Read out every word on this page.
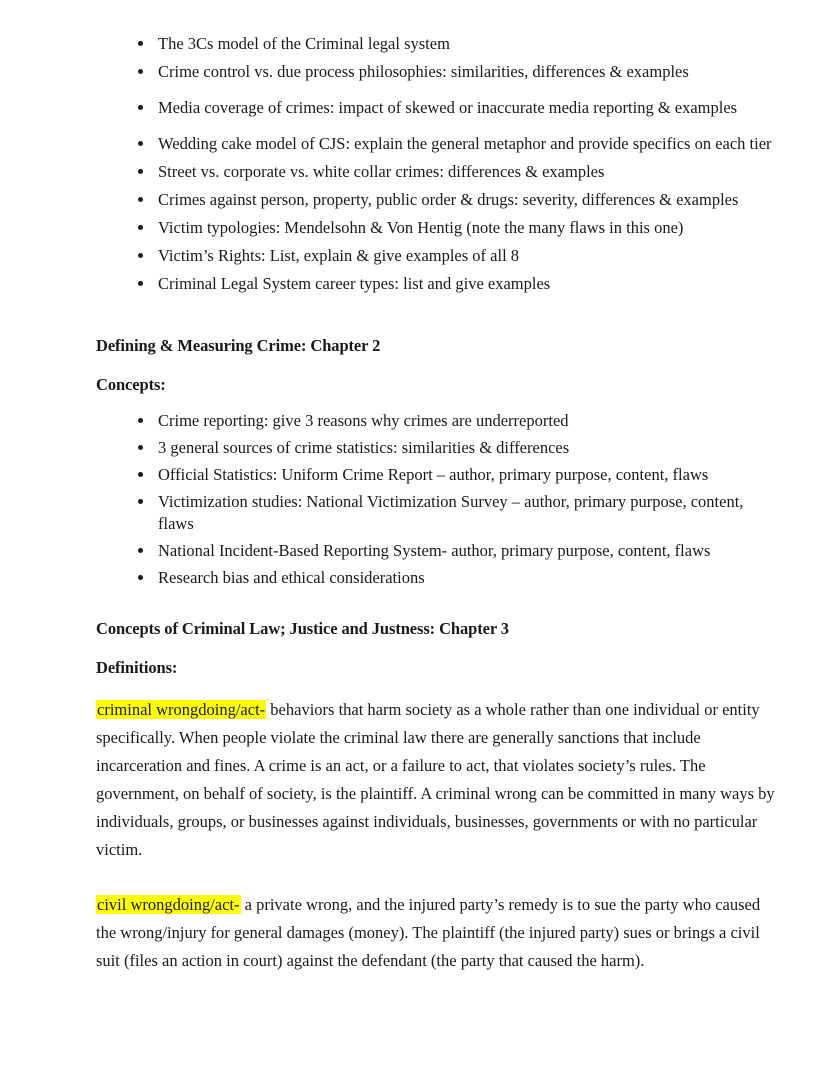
The 3Cs model of the Criminal legal system
Crime control vs. due process philosophies: similarities, differences & examples
Media coverage of crimes: impact of skewed or inaccurate media reporting & examples
Wedding cake model of CJS: explain the general metaphor and provide specifics on each tier
Street vs. corporate vs. white collar crimes: differences & examples
Crimes against person, property, public order & drugs: severity, differences & examples
Victim typologies: Mendelsohn & Von Hentig (note the many flaws in this one)
Victim’s Rights: List, explain & give examples of all 8
Criminal Legal System career types: list and give examples
Defining & Measuring Crime: Chapter 2
Concepts:
Crime reporting: give 3 reasons why crimes are underreported
3 general sources of crime statistics: similarities & differences
Official Statistics: Uniform Crime Report – author, primary purpose, content, flaws
Victimization studies: National Victimization Survey – author, primary purpose, content, flaws
National Incident-Based Reporting System- author, primary purpose, content, flaws
Research bias and ethical considerations
Concepts of Criminal Law; Justice and Justness: Chapter 3
Definitions:

criminal wrongdoing/act- behaviors that harm society as a whole rather than one individual or entity specifically. When people violate the criminal law there are generally sanctions that include incarceration and fines. A crime is an act, or a failure to act, that violates society’s rules. The government, on behalf of society, is the plaintiff. A criminal wrong can be committed in many ways by individuals, groups, or businesses against individuals, businesses, governments or with no particular victim.

civil wrongdoing/act- a private wrong, and the injured party’s remedy is to sue the party who caused the wrong/injury for general damages (money). The plaintiff (the injured party) sues or brings a civil suit (files an action in court) against the defendant (the party that caused the harm).
